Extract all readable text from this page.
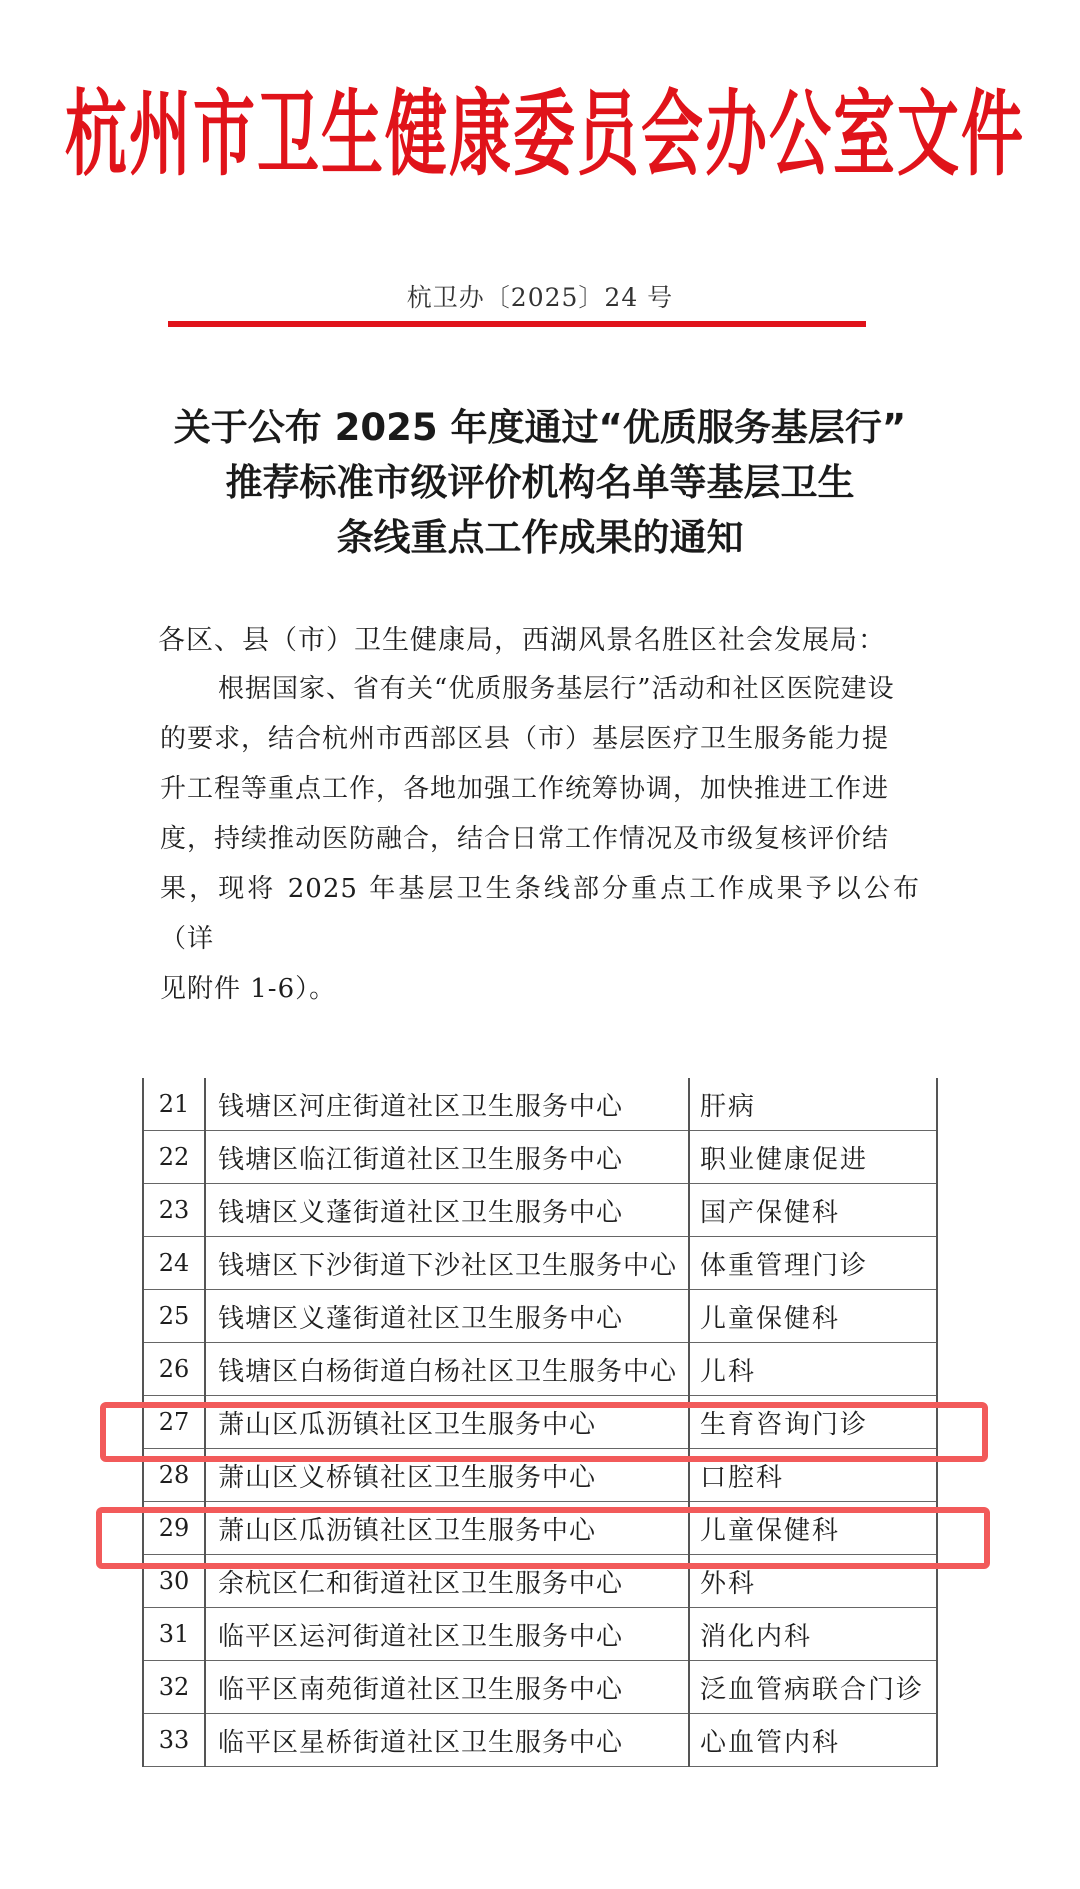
杭州市卫生健康委员会办公室文件
杭卫办〔2025〕24 号
关于公布 2025 年度通过“优质服务基层行”
推荐标准市级评价机构名单等基层卫生
条线重点工作成果的通知
各区、县（市）卫生健康局，西湖风景名胜区社会发展局：
根据国家、省有关“优质服务基层行”活动和社区医院建设
的要求，结合杭州市西部区县（市）基层医疗卫生服务能力提
升工程等重点工作，各地加强工作统筹协调，加快推进工作进
度，持续推动医防融合，结合日常工作情况及市级复核评价结
果，现将 2025 年基层卫生条线部分重点工作成果予以公布（详
见附件 1-6）。
21	钱塘区河庄街道社区卫生服务中心	肝病
22	钱塘区临江街道社区卫生服务中心	职业健康促进
23	钱塘区义蓬街道社区卫生服务中心	国产保健科
24	钱塘区下沙街道下沙社区卫生服务中心	体重管理门诊
25	钱塘区义蓬街道社区卫生服务中心	儿童保健科
26	钱塘区白杨街道白杨社区卫生服务中心	儿科
27	萧山区瓜沥镇社区卫生服务中心	生育咨询门诊
28	萧山区义桥镇社区卫生服务中心	口腔科
29	萧山区瓜沥镇社区卫生服务中心	儿童保健科
30	余杭区仁和街道社区卫生服务中心	外科
31	临平区运河街道社区卫生服务中心	消化内科
32	临平区南苑街道社区卫生服务中心	泛血管病联合门诊
33	临平区星桥街道社区卫生服务中心	心血管内科
